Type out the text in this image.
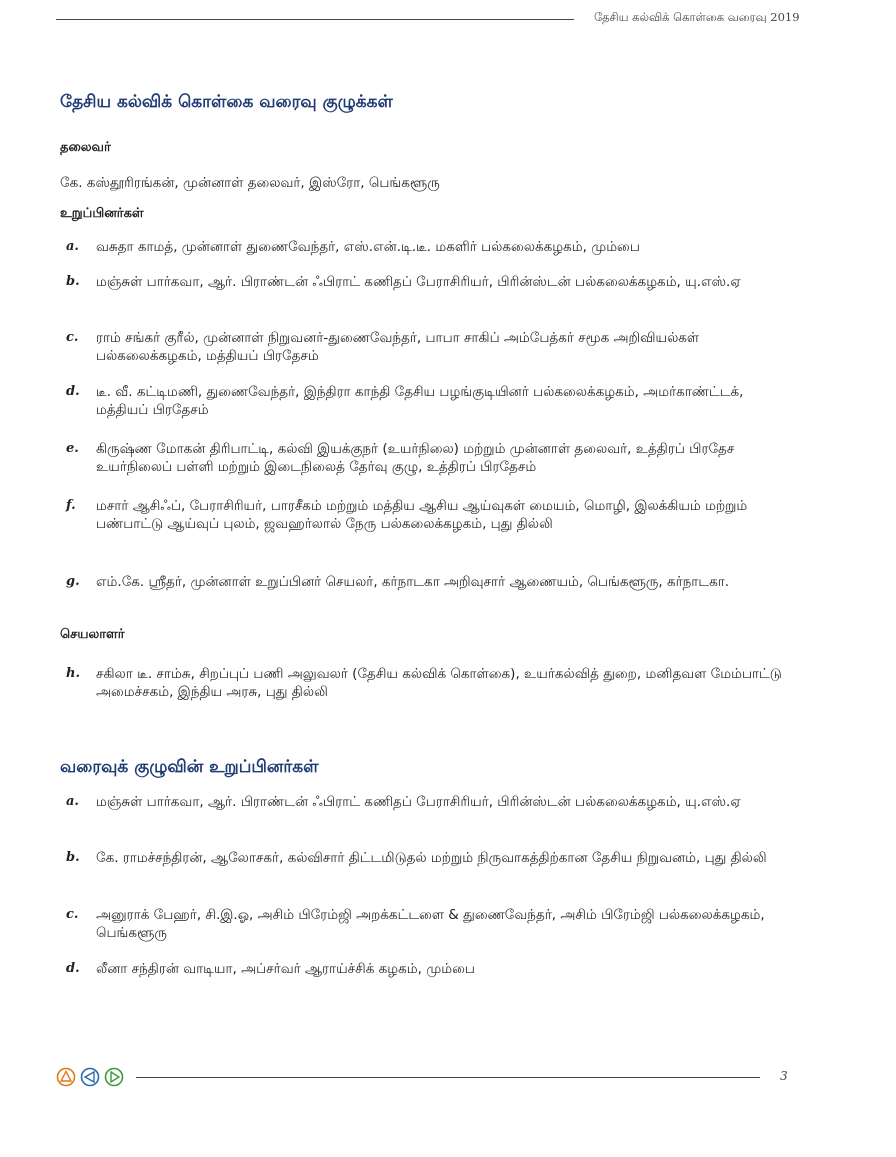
தேசிய கல்விக் கொள்கை வரைவு 2019
தேசிய கல்விக் கொள்கை வரைவு குழுக்கள்
தலைவர்
கே. கஸ்தூரிரங்கன், முன்னாள் தலைவர், இஸ்ரோ, பெங்களூரு
உறுப்பினர்கள்
a. வசுதா காமத், முன்னாள் துணைவேந்தர், எஸ்.என்.டி.டீ. மகளிர் பல்கலைக்கழகம், மும்பை
b. மஞ்சுள் பார்கவா, ஆர். பிராண்டன் ஃபிராட் கணிதப் பேராசிரியர், பிரின்ஸ்டன் பல்கலைக்கழகம், யு.எஸ்.ஏ
c. ராம் சங்கர் குரீல், முன்னாள் நிறுவனர்-துணைவேந்தர், பாபா சாகிப் அம்பேத்கர் சமூக அறிவியல்கள் பல்கலைக்கழகம், மத்தியப் பிரதேசம்
d. டீ. வீ. கட்டிமணி, துணைவேந்தர், இந்திரா காந்தி தேசிய பழங்குடியினர் பல்கலைக்கழகம், அமர்காண்ட்டக், மத்தியப் பிரதேசம்
e. கிருஷ்ண மோகன் திரிபாட்டி, கல்வி இயக்குநர் (உயர்நிலை) மற்றும் முன்னாள் தலைவர், உத்திரப் பிரதேச உயர்நிலைப் பள்ளி மற்றும் இடைநிலைத் தேர்வு குழு, உத்திரப் பிரதேசம்
f. மசார் ஆசிஃப், பேராசிரியர், பாரசீகம் மற்றும் மத்திய ஆசிய ஆய்வுகள் மையம், மொழி, இலக்கியம் மற்றும் பண்பாட்டு ஆய்வுப் புலம், ஜவஹர்லால் நேரு பல்கலைக்கழகம், புது தில்லி
g. எம்.கே. ஸ்ரீதர், முன்னாள் உறுப்பினர் செயலர், கர்நாடகா அறிவுசார் ஆணையம், பெங்களூரு, கர்நாடகா.
செயலாளர்
h. சகிலா டீ. சாம்சு, சிறப்புப் பணி அலுவலர் (தேசிய கல்விக் கொள்கை), உயர்கல்வித் துறை, மனிதவள மேம்பாட்டு அமைச்சகம், இந்திய அரசு, புது தில்லி
வரைவுக் குழுவின் உறுப்பினர்கள்
a. மஞ்சுள் பார்கவா, ஆர். பிராண்டன் ஃபிராட் கணிதப் பேராசிரியர், பிரின்ஸ்டன் பல்கலைக்கழகம், யு.எஸ்.ஏ
b. கே. ராமச்சந்திரன், ஆலோசகர், கல்விசார் திட்டமிடுதல் மற்றும் நிருவாகத்திற்கான தேசிய நிறுவனம், புது தில்லி
c. அனுராக் பேஹர், சி.இ.ஓ, அசிம் பிரேம்ஜி அறக்கட்டளை & துணைவேந்தர், அசிம் பிரேம்ஜி பல்கலைக்கழகம், பெங்களூரு
d. லீனா சந்திரன் வாடியா, அப்சர்வர் ஆராய்ச்சிக் கழகம், மும்பை
3
